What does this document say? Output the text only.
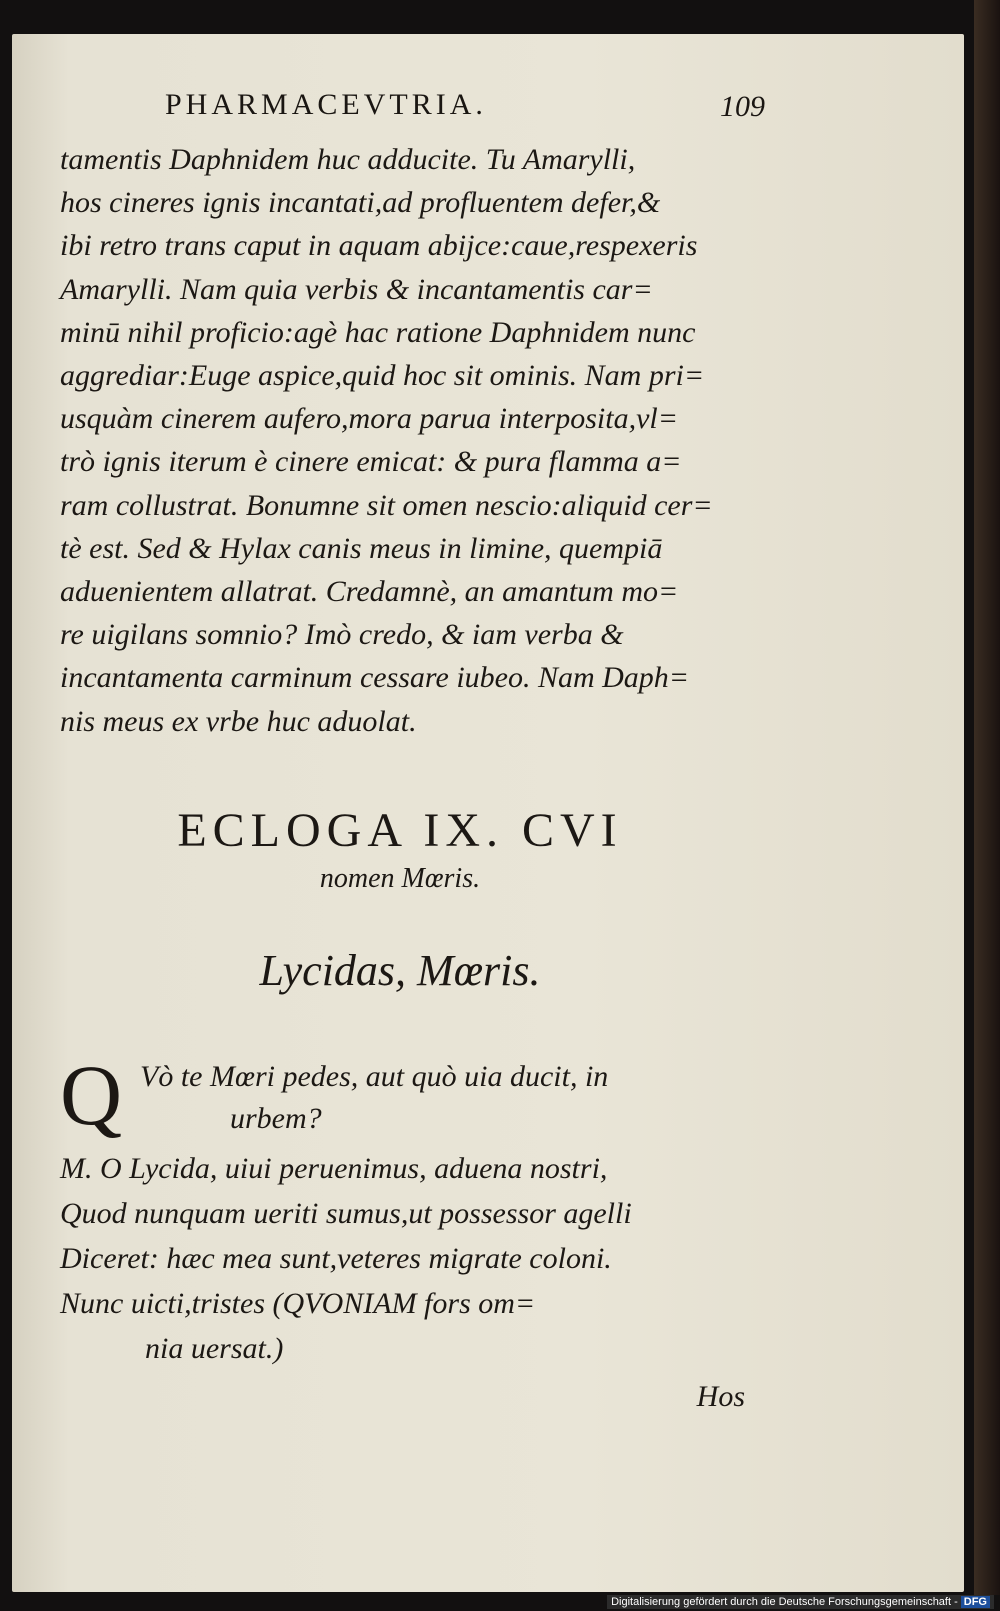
PHARMACEVTRIA.	109
tamentis Daphnidem huc adducite. Tu Amarylli,
hos cineres ignis incantati,ad profluentem defer,&
ibi retro trans caput in aquam abijce:caue,respexeris
Amarylli. Nam quia verbis & incantamentis car=
minū nihil proficio:agè hac ratione Daphnidem nunc
aggrediar:Euge aspice,quid hoc sit ominis. Nam pri=
usquàm cinerem aufero,mora parua interposita,vl=
trò ignis iterum è cinere emicat: & pura flamma a=
ram collustrat. Bonumne sit omen nescio:aliquid cer=
tè est. Sed & Hylax canis meus in limine, quempiā
aduenientem allatrat. Credamnè, an amantum mo=
re uigilans somnio? Imò credo, & iam verba &
incantamenta carminum cessare iubeo. Nam Daph=
nis meus ex vrbe huc aduolat.
ECLOGA IX. CVI
nomen Mœris.
Lycidas, Mœris.
Q Vò te Mœri pedes, aut quò uia ducit, in
urbem?
M. O Lycida, uiui peruenimus, aduena nostri,
Quod nunquam ueriti sumus,ut possessor agelli
Diceret: hæc mea sunt,veteres migrate coloni.
Nunc uicti,tristes (QVONIAM fors om=
nia uersat.)
Hos
Digitalisierung gefördert durch die Deutsche Forschungsgemeinschaft - DFG
